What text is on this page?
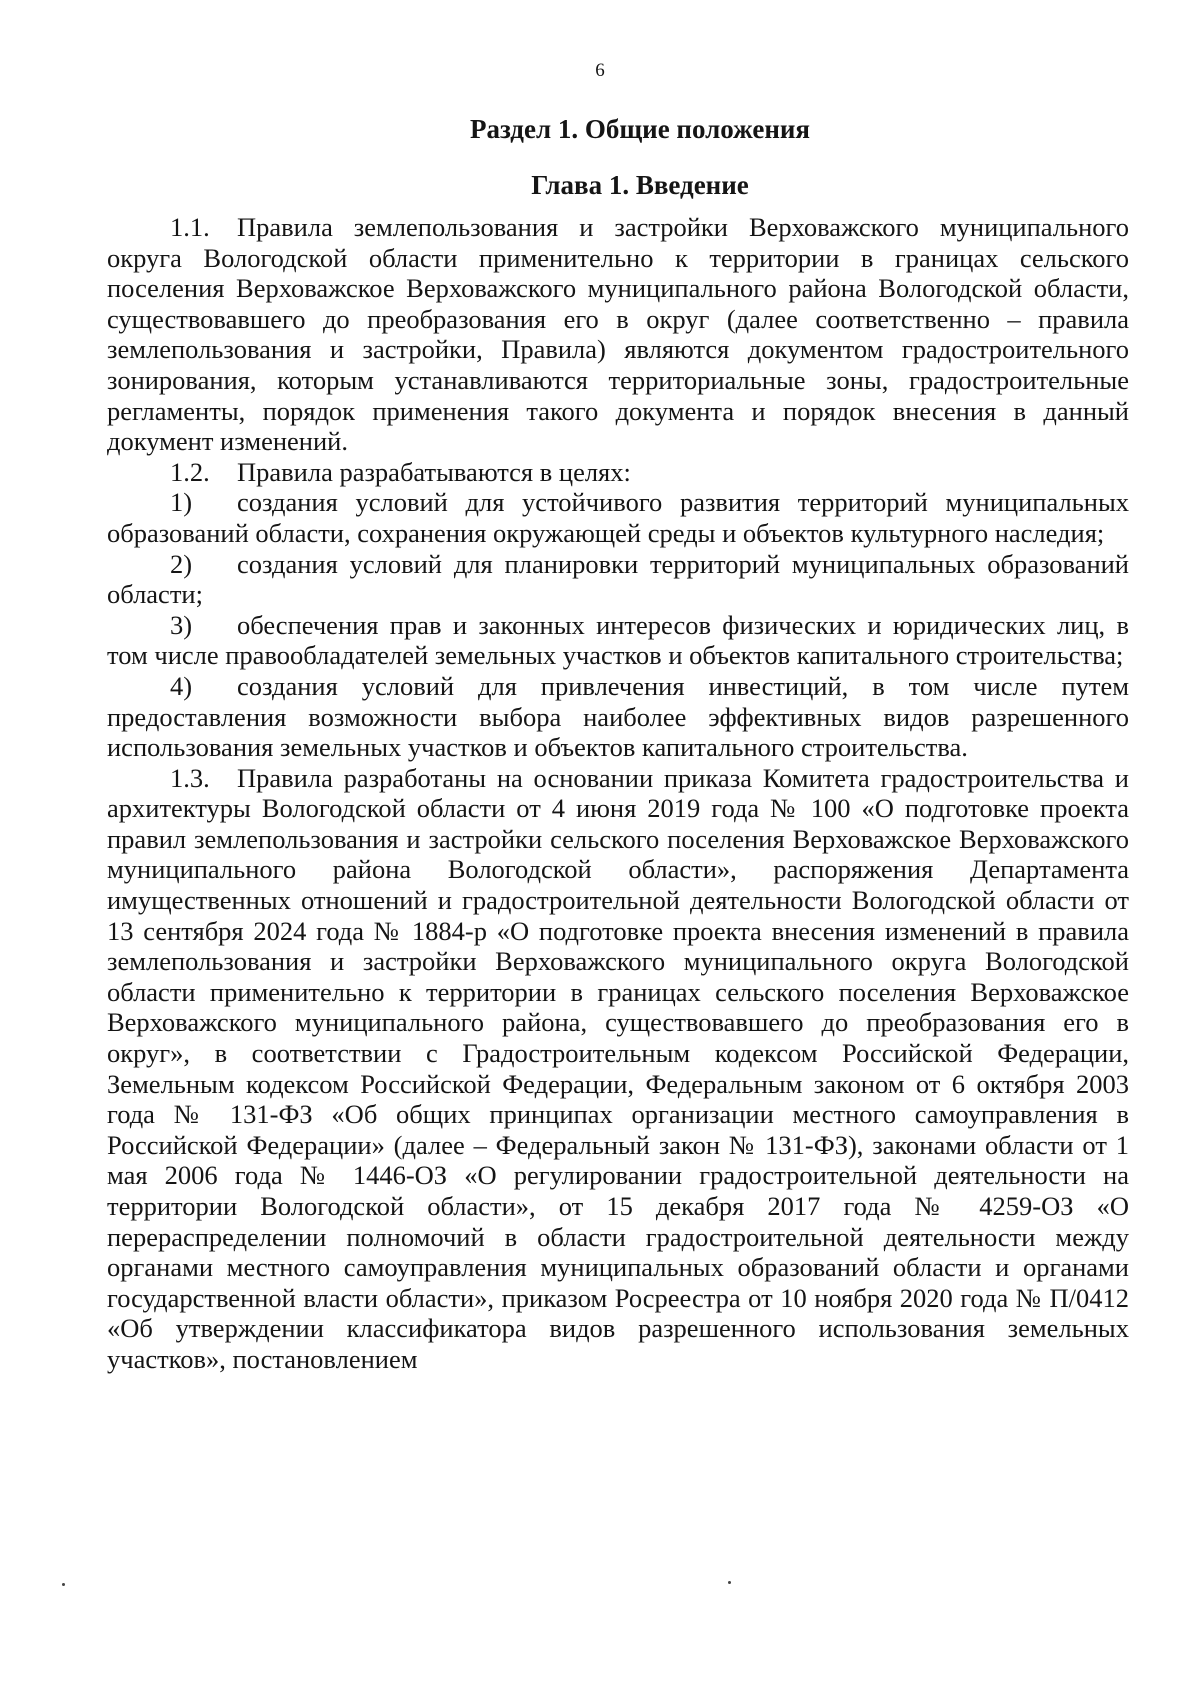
6
Раздел 1. Общие положения
Глава 1. Введение

1.1. Правила землепользования и застройки Верховажского муниципального округа Вологодской области применительно к территории в границах сельского поселения Верховажское Верховажского муниципального района Вологодской области, существовавшего до преобразования его в округ (далее соответственно – правила землепользования и застройки, Правила) являются документом градостроительного зонирования, которым устанавливаются территориальные зоны, градостроительные регламенты, порядок применения такого документа и порядок внесения в данный документ изменений.

1.2. Правила разрабатываются в целях:

1) создания условий для устойчивого развития территорий муниципальных образований области, сохранения окружающей среды и объектов культурного наследия;

2) создания условий для планировки территорий муниципальных образований области;

3) обеспечения прав и законных интересов физических и юридических лиц, в том числе правообладателей земельных участков и объектов капитального строительства;

4) создания условий для привлечения инвестиций, в том числе путем предоставления возможности выбора наиболее эффективных видов разрешенного использования земельных участков и объектов капитального строительства.

1.3. Правила разработаны на основании приказа Комитета градостроительства и архитектуры Вологодской области от 4 июня 2019 года № 100 «О подготовке проекта правил землепользования и застройки сельского поселения Верховажское Верховажского муниципального района Вологодской области», распоряжения Департамента имущественных отношений и градостроительной деятельности Вологодской области от 13 сентября 2024 года № 1884-р «О подготовке проекта внесения изменений в правила землепользования и застройки Верховажского муниципального округа Вологодской области применительно к территории в границах сельского поселения Верховажское Верховажского муниципального района, существовавшего до преобразования его в округ», в соответствии с Градостроительным кодексом Российской Федерации, Земельным кодексом Российской Федерации, Федеральным законом от 6 октября 2003 года № 131-ФЗ «Об общих принципах организации местного самоуправления в Российской Федерации» (далее – Федеральный закон № 131-ФЗ), законами области от 1 мая 2006 года № 1446-ОЗ «О регулировании градостроительной деятельности на территории Вологодской области», от 15 декабря 2017 года № 4259-ОЗ «О перераспределении полномочий в области градостроительной деятельности между органами местного самоуправления муниципальных образований области и органами государственной власти области», приказом Росреестра от 10 ноября 2020 года № П/0412 «Об утверждении классификатора видов разрешенного использования земельных участков», постановлением
